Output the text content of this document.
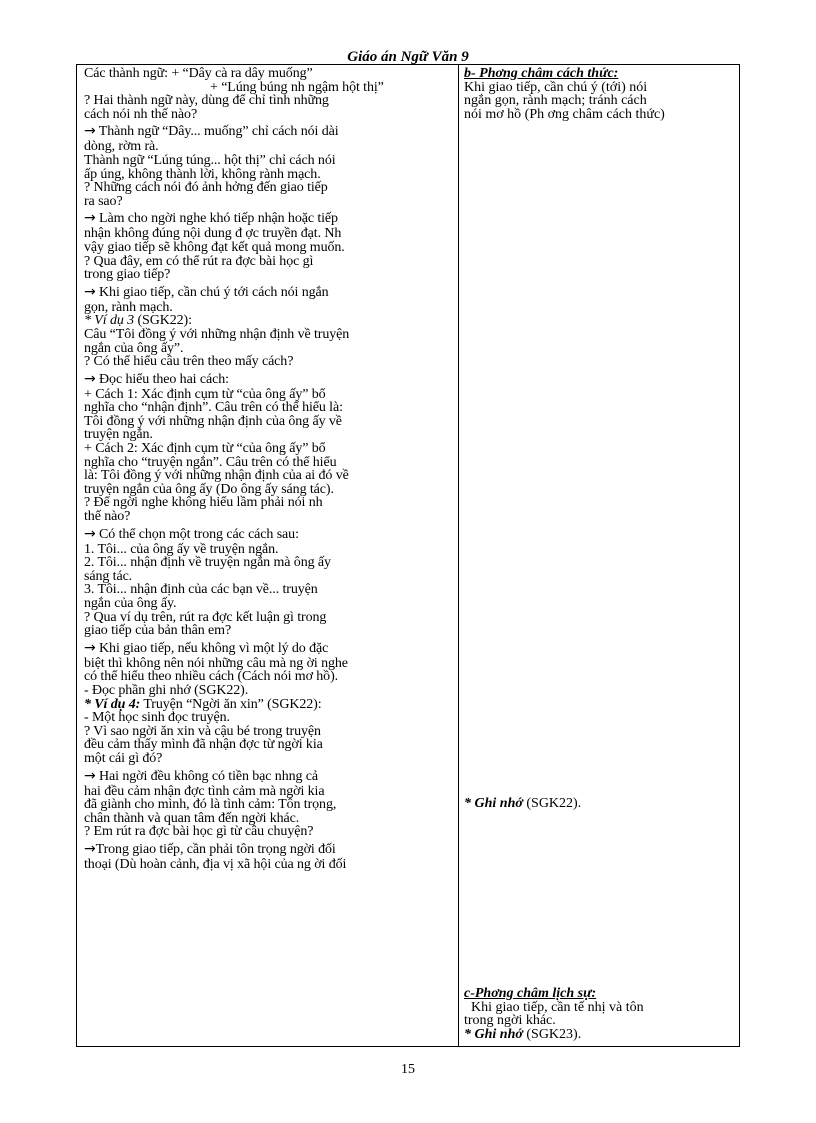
Giáo án Ngữ Văn 9
Các thành ngữ: + “Dây cà ra dây muống”
+ “Lúng búng nh ngậm hột thị”
? Hai thành ngữ này, dùng để chỉ tình những
cách nói nh thế nào?
→ Thành ngữ “Dây... muống” chỉ cách nói dài
dòng, rờm rà.
Thành ngữ “Lúng túng... hột thị” chỉ cách nói
ấp úng, không thành lời, không rành mạch.
? Những cách nói đó ảnh hởng đến giao tiếp
ra sao?
→ Làm cho ngời nghe khó tiếp nhận hoặc tiếp
nhận không đúng nội dung đ ợc truyền đạt. Nh
vậy giao tiếp sẽ không đạt kết quả mong muốn.
? Qua đây, em có thể rút ra đợc bài học gì
trong giao tiếp?
→ Khi giao tiếp, cần chú ý tới cách nói ngắn
gọn, rành mạch.
* Ví dụ 3 (SGK22):
Câu “Tôi đồng ý với những nhận định về truyện
ngắn của ông ấy”.
? Có thể hiểu câu trên theo mấy cách?
→ Đọc hiểu theo hai cách:
+ Cách 1: Xác định cụm từ “của ông ấy” bổ
nghĩa cho “nhận định”. Câu trên có thể hiểu là:
Tôi đồng ý với những nhận định của ông ấy về
truyện ngắn.
+ Cách 2: Xác định cụm từ “của ông ấy” bổ
nghĩa cho “truyện ngắn”. Câu trên có thể hiểu
là: Tôi đồng ý với những nhận định của ai đó về
truyện ngắn của ông ấy (Do ông ấy sáng tác).
? Để ngời nghe không hiểu lầm phải nói nh
thế nào?
→ Có thể chọn một trong các cách sau:
1. Tôi... của ông ấy về truyện ngắn.
2. Tôi... nhận định về truyện ngắn mà ông ấy
sáng tác.
3. Tôi... nhận định của các bạn về... truyện
ngắn của ông ấy.
? Qua ví dụ trên, rút ra đợc kết luận gì trong
giao tiếp của bản thân em?
→ Khi giao tiếp, nếu không vì một lý do đặc
biệt thì không nên nói những câu mà ng ời nghe
có thể hiểu theo nhiều cách (Cách nói mơ hồ).
- Đọc phần ghi nhớ (SGK22).
* Ví dụ 4: Truyện “Ngời ăn xin” (SGK22):
- Một học sinh đọc truyện.
? Vì sao ngời ăn xin và cậu bé trong truyện
đều cảm thấy mình đã nhận đợc từ ngời kia
một cái gì đó?
→ Hai ngời đều không có tiền bạc nhng cả
hai đều cảm nhận đợc tình cảm mà ngời kia
đã giành cho mình, đó là tình cảm: Tôn trọng,
chân thành và quan tâm đến ngời khác.
? Em rút ra đợc bài học gì từ câu chuyện?
→Trong giao tiếp, cần phải tôn trọng ngời đối
thoại (Dù hoàn cảnh, địa vị xã hội của ng ời đối
b- Phơng châm cách thức:
Khi giao tiếp, cần chú ý (tới) nói
ngắn gọn, rành mạch; tránh cách
nói mơ hồ (Ph ơng châm cách thức)
* Ghi nhớ (SGK22).
c-Phơng châm lịch sự:
Khi giao tiếp, cần tế nhị và tôn
trong ngời khác.
* Ghi nhớ (SGK23).
15
